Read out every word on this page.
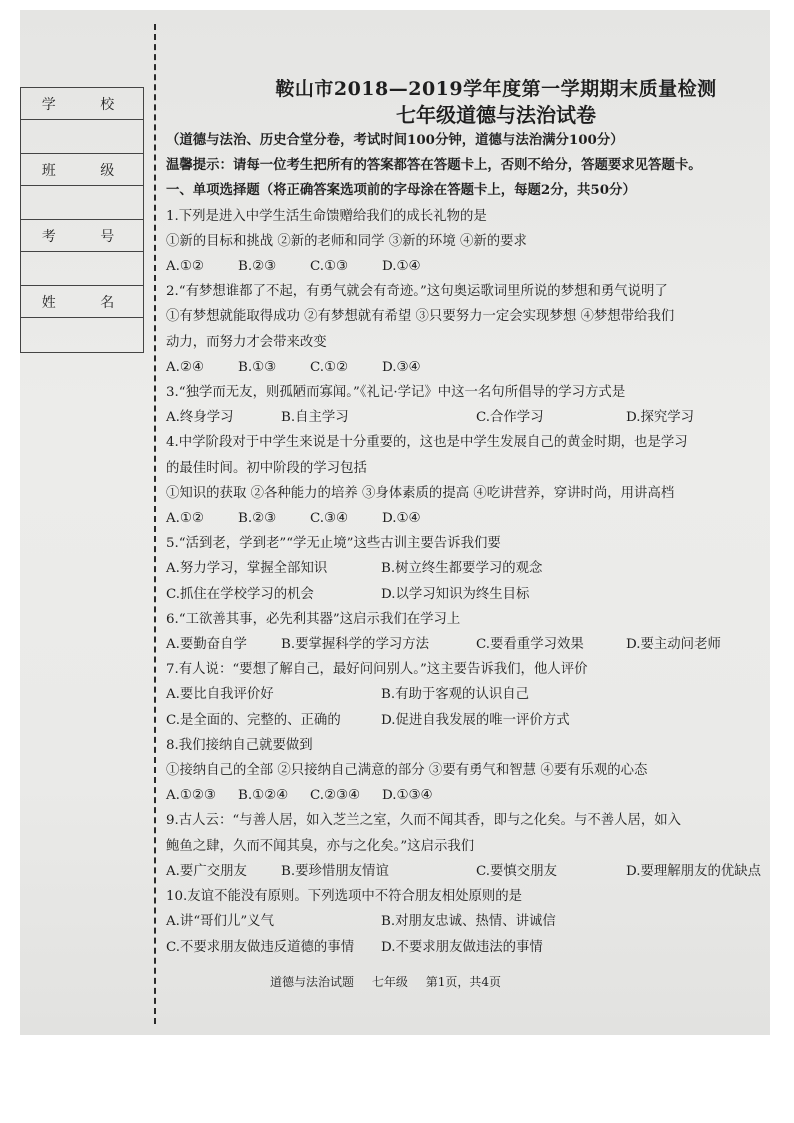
学 校
班 级
考 号
姓 名
鞍山市2018—2019学年度第一学期期末质量检测
七年级道德与法治试卷
（道德与法治、历史合堂分卷，考试时间100分钟，道德与法治满分100分）
温馨提示：请每一位考生把所有的答案都答在答题卡上，否则不给分，答题要求见答题卡。
一、单项选择题（将正确答案选项前的字母涂在答题卡上，每题2分，共50分）
1.下列是进入中学生活生命馈赠给我们的成长礼物的是
①新的目标和挑战 ②新的老师和同学 ③新的环境 ④新的要求
A.①②	B.②③	C.①③	D.①④
2.“有梦想谁都了不起，有勇气就会有奇迹。”这句奥运歌词里所说的梦想和勇气说明了
①有梦想就能取得成功 ②有梦想就有希望 ③只要努力一定会实现梦想 ④梦想带给我们
动力，而努力才会带来改变
A.②④	B.①③	C.①②	D.③④
3.“独学而无友，则孤陋而寡闻。”《礼记·学记》中这一名句所倡导的学习方式是
A.终身学习	B.自主学习	C.合作学习	D.探究学习
4.中学阶段对于中学生来说是十分重要的，这也是中学生发展自己的黄金时期，也是学习
的最佳时间。初中阶段的学习包括
①知识的获取 ②各种能力的培养 ③身体素质的提高 ④吃讲营养，穿讲时尚，用讲高档
A.①②	B.②③	C.③④	D.①④
5.“活到老，学到老”“学无止境”这些古训主要告诉我们要
A.努力学习，掌握全部知识	B.树立终生都要学习的观念
C.抓住在学校学习的机会	D.以学习知识为终生目标
6.“工欲善其事，必先利其器”这启示我们在学习上
A.要勤奋自学	B.要掌握科学的学习方法	C.要看重学习效果	D.要主动问老师
7.有人说：“要想了解自己，最好问问别人。”这主要告诉我们，他人评价
A.要比自我评价好	B.有助于客观的认识自己
C.是全面的、完整的、正确的	D.促进自我发展的唯一评价方式
8.我们接纳自己就要做到
①接纳自己的全部 ②只接纳自己满意的部分 ③要有勇气和智慧 ④要有乐观的心态
A.①②③	B.①②④	C.②③④	D.①③④
9.古人云：“与善人居，如入芝兰之室，久而不闻其香，即与之化矣。与不善人居，如入
鲍鱼之肆，久而不闻其臭，亦与之化矣。”这启示我们
A.要广交朋友	B.要珍惜朋友情谊	C.要慎交朋友	D.要理解朋友的优缺点
10.友谊不能没有原则。下列选项中不符合朋友相处原则的是
A.讲“哥们儿”义气	B.对朋友忠诚、热情、讲诚信
C.不要求朋友做违反道德的事情	D.不要求朋友做违法的事情
道德与法治试题 七年级 第1页，共4页
